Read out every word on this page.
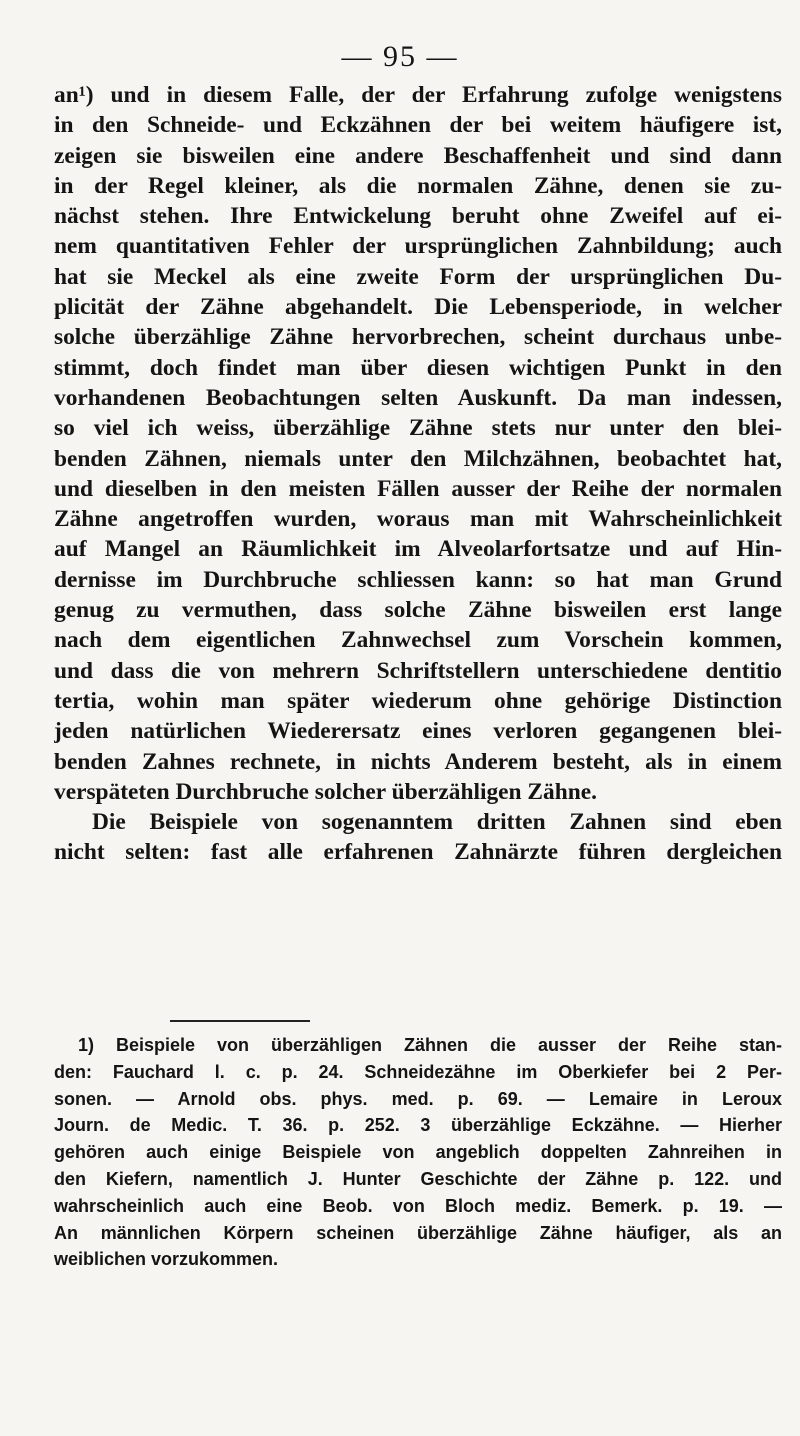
— 95 —
an¹) und in diesem Falle, der der Erfahrung zufolge wenigstens
in den Schneide- und Eckzähnen der bei weitem häufigere ist,
zeigen sie bisweilen eine andere Beschaffenheit und sind dann
in der Regel kleiner, als die normalen Zähne, denen sie zu-
nächst stehen. Ihre Entwickelung beruht ohne Zweifel auf ei-
nem quantitativen Fehler der ursprünglichen Zahnbildung; auch
hat sie Meckel als eine zweite Form der ursprünglichen Du-
plicität der Zähne abgehandelt. Die Lebensperiode, in welcher
solche überzählige Zähne hervorbrechen, scheint durchaus unbe-
stimmt, doch findet man über diesen wichtigen Punkt in den
vorhandenen Beobachtungen selten Auskunft. Da man indessen,
so viel ich weiss, überzählige Zähne stets nur unter den blei-
benden Zähnen, niemals unter den Milchzähnen, beobachtet hat,
und dieselben in den meisten Fällen ausser der Reihe der normalen
Zähne angetroffen wurden, woraus man mit Wahrscheinlichkeit
auf Mangel an Räumlichkeit im Alveolarfortsatze und auf Hin-
dernisse im Durchbruche schliessen kann: so hat man Grund
genug zu vermuthen, dass solche Zähne bisweilen erst lange
nach dem eigentlichen Zahnwechsel zum Vorschein kommen,
und dass die von mehrern Schriftstellern unterschiedene dentitio
tertia, wohin man später wiederum ohne gehörige Distinction
jeden natürlichen Wiederersatz eines verloren gegangenen blei-
benden Zahnes rechnete, in nichts Anderem besteht, als in einem
verspäteten Durchbruche solcher überzähligen Zähne.
Die Beispiele von sogenanntem dritten Zahnen sind eben
nicht selten: fast alle erfahrenen Zahnärzte führen dergleichen
1) Beispiele von überzähligen Zähnen die ausser der Reihe stan-
den: Fauchard l. c. p. 24. Schneidezähne im Oberkiefer bei 2 Per-
sonen. — Arnold obs. phys. med. p. 69. — Lemaire in Leroux
Journ. de Medic. T. 36. p. 252. 3 überzählige Eckzähne. — Hierher
gehören auch einige Beispiele von angeblich doppelten Zahnreihen in
den Kiefern, namentlich J. Hunter Geschichte der Zähne p. 122. und
wahrscheinlich auch eine Beob. von Bloch mediz. Bemerk. p. 19. —
An männlichen Körpern scheinen überzählige Zähne häufiger, als an
weiblichen vorzukommen.
